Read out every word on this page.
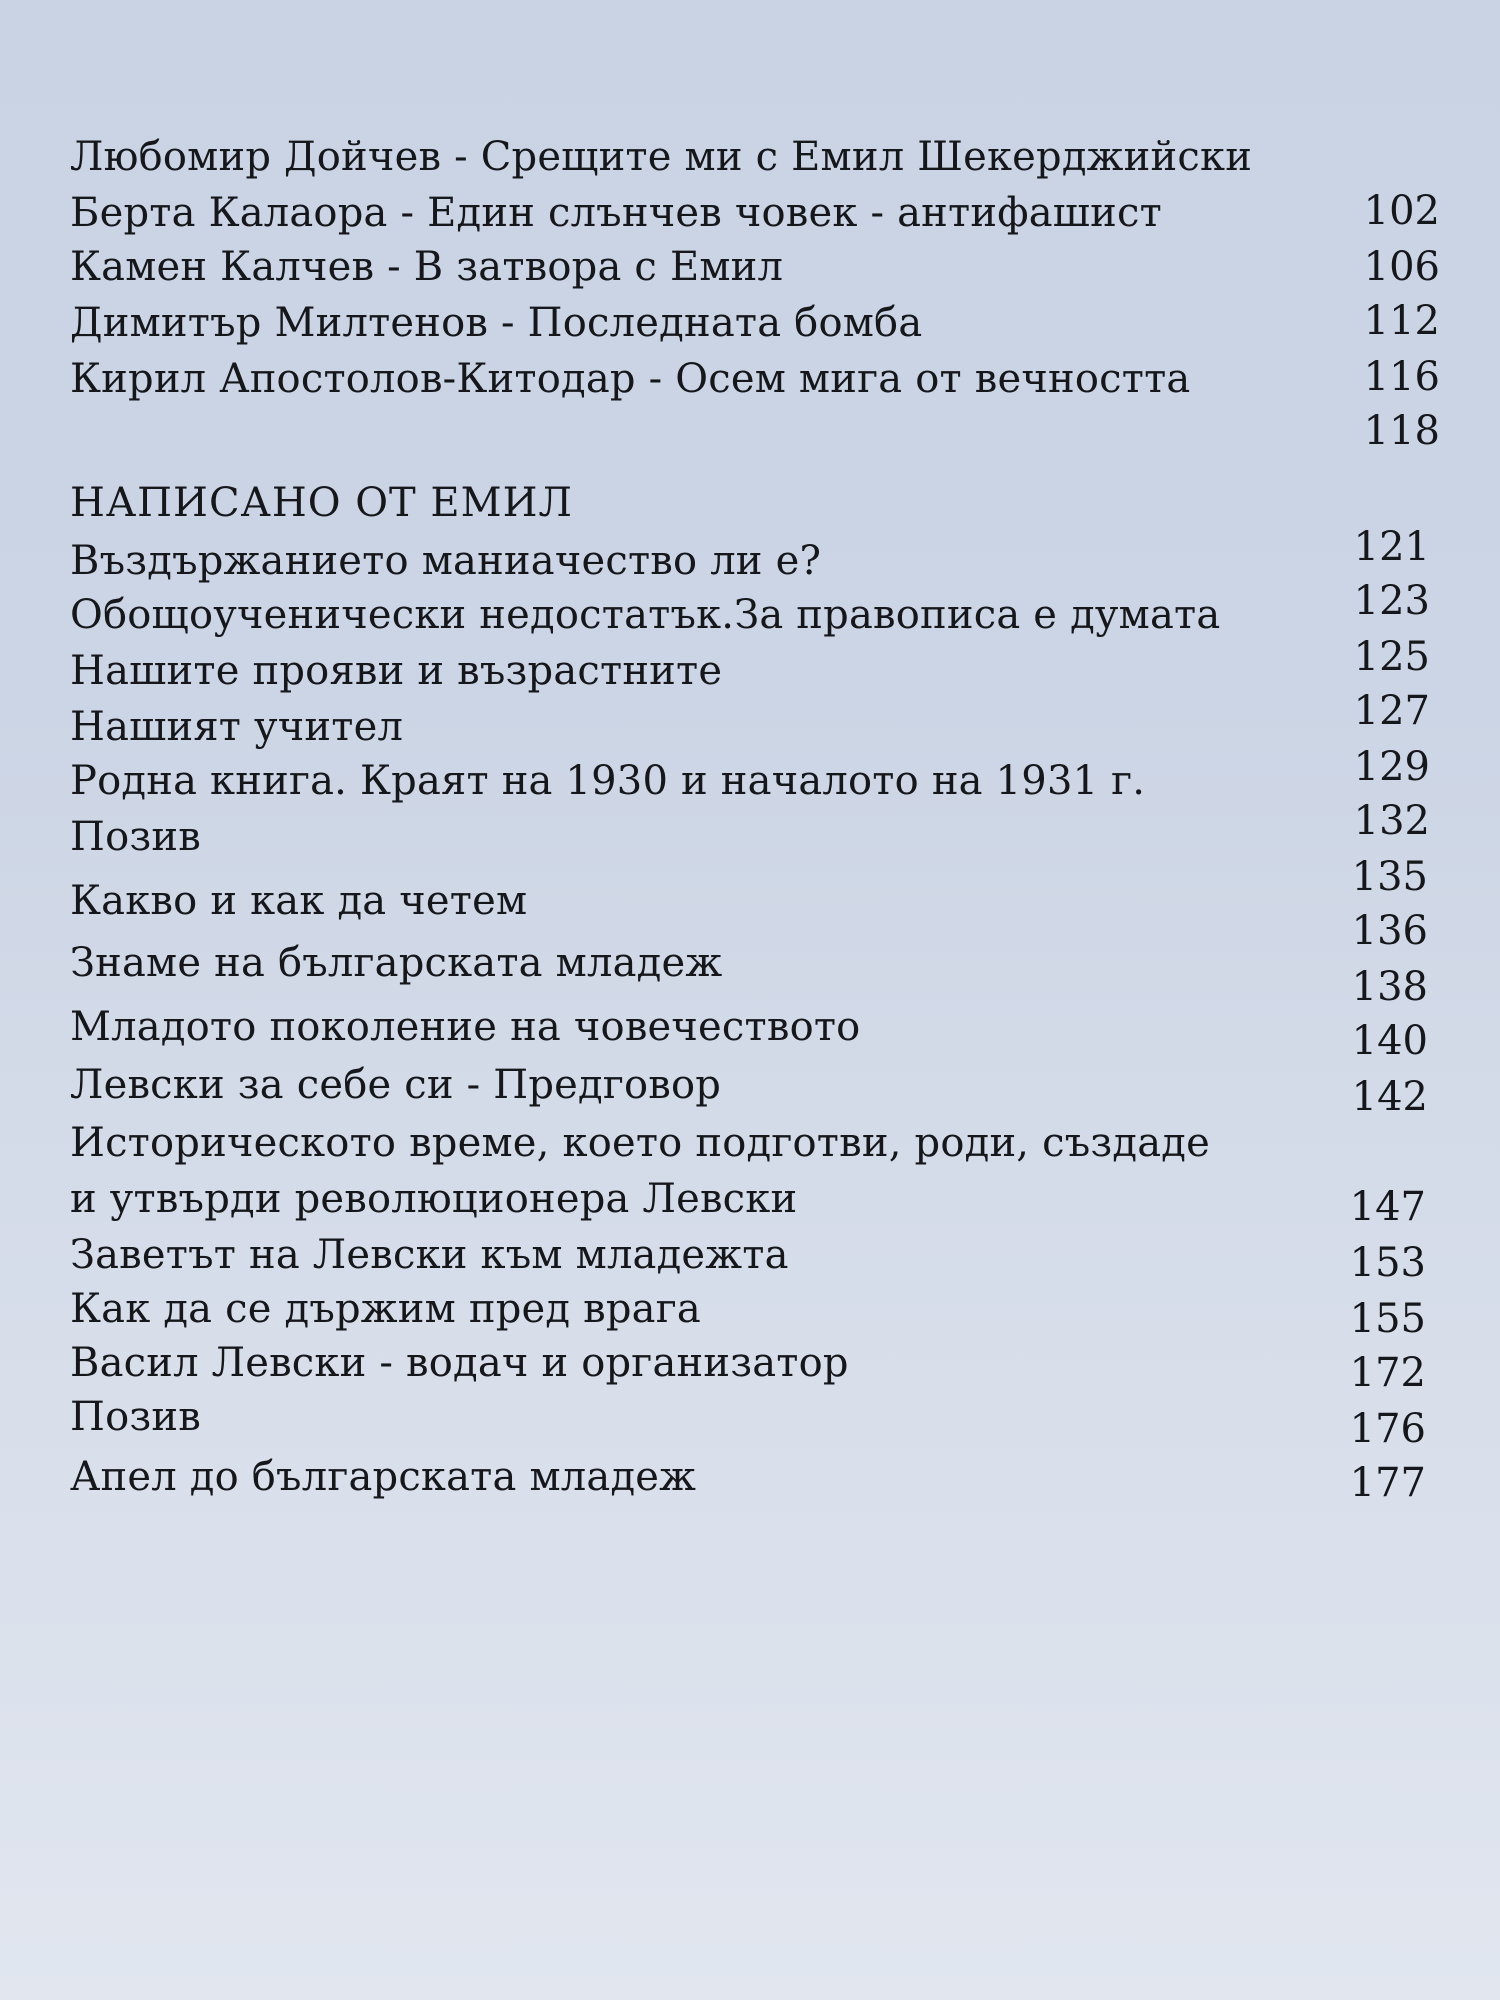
Любомир Дойчев - Срещите ми с Емил Шекерджийски
Берта Калаора - Един слънчев човек - антифашист
Камен Калчев - В затвора с Емил
Димитър Милтенов - Последната бомба
Кирил Апостолов-Китодар - Осем мига от вечността
102
106
112
116
118
НАПИСАНО ОТ ЕМИЛ
Въздържанието маниачество ли е?
Обощоученически недостатък.За правописа е думата
Нашите прояви и възрастните
Нашият учител
Родна книга. Краят на 1930 и началото на 1931 г.
Позив
Какво и как да четем
Знаме на българската младеж
Младото поколение на човечеството
Левски за себе си - Предговор
Историческото време, което подготви, роди, създаде
и утвърди революционера Левски
Заветът на Левски към младежта
Как да се държим пред врага
Васил Левски - водач и организатор
Позив
Апел до българската младеж
121
123
125
127
129
132
135
136
138
140
142
147
153
155
172
176
177
